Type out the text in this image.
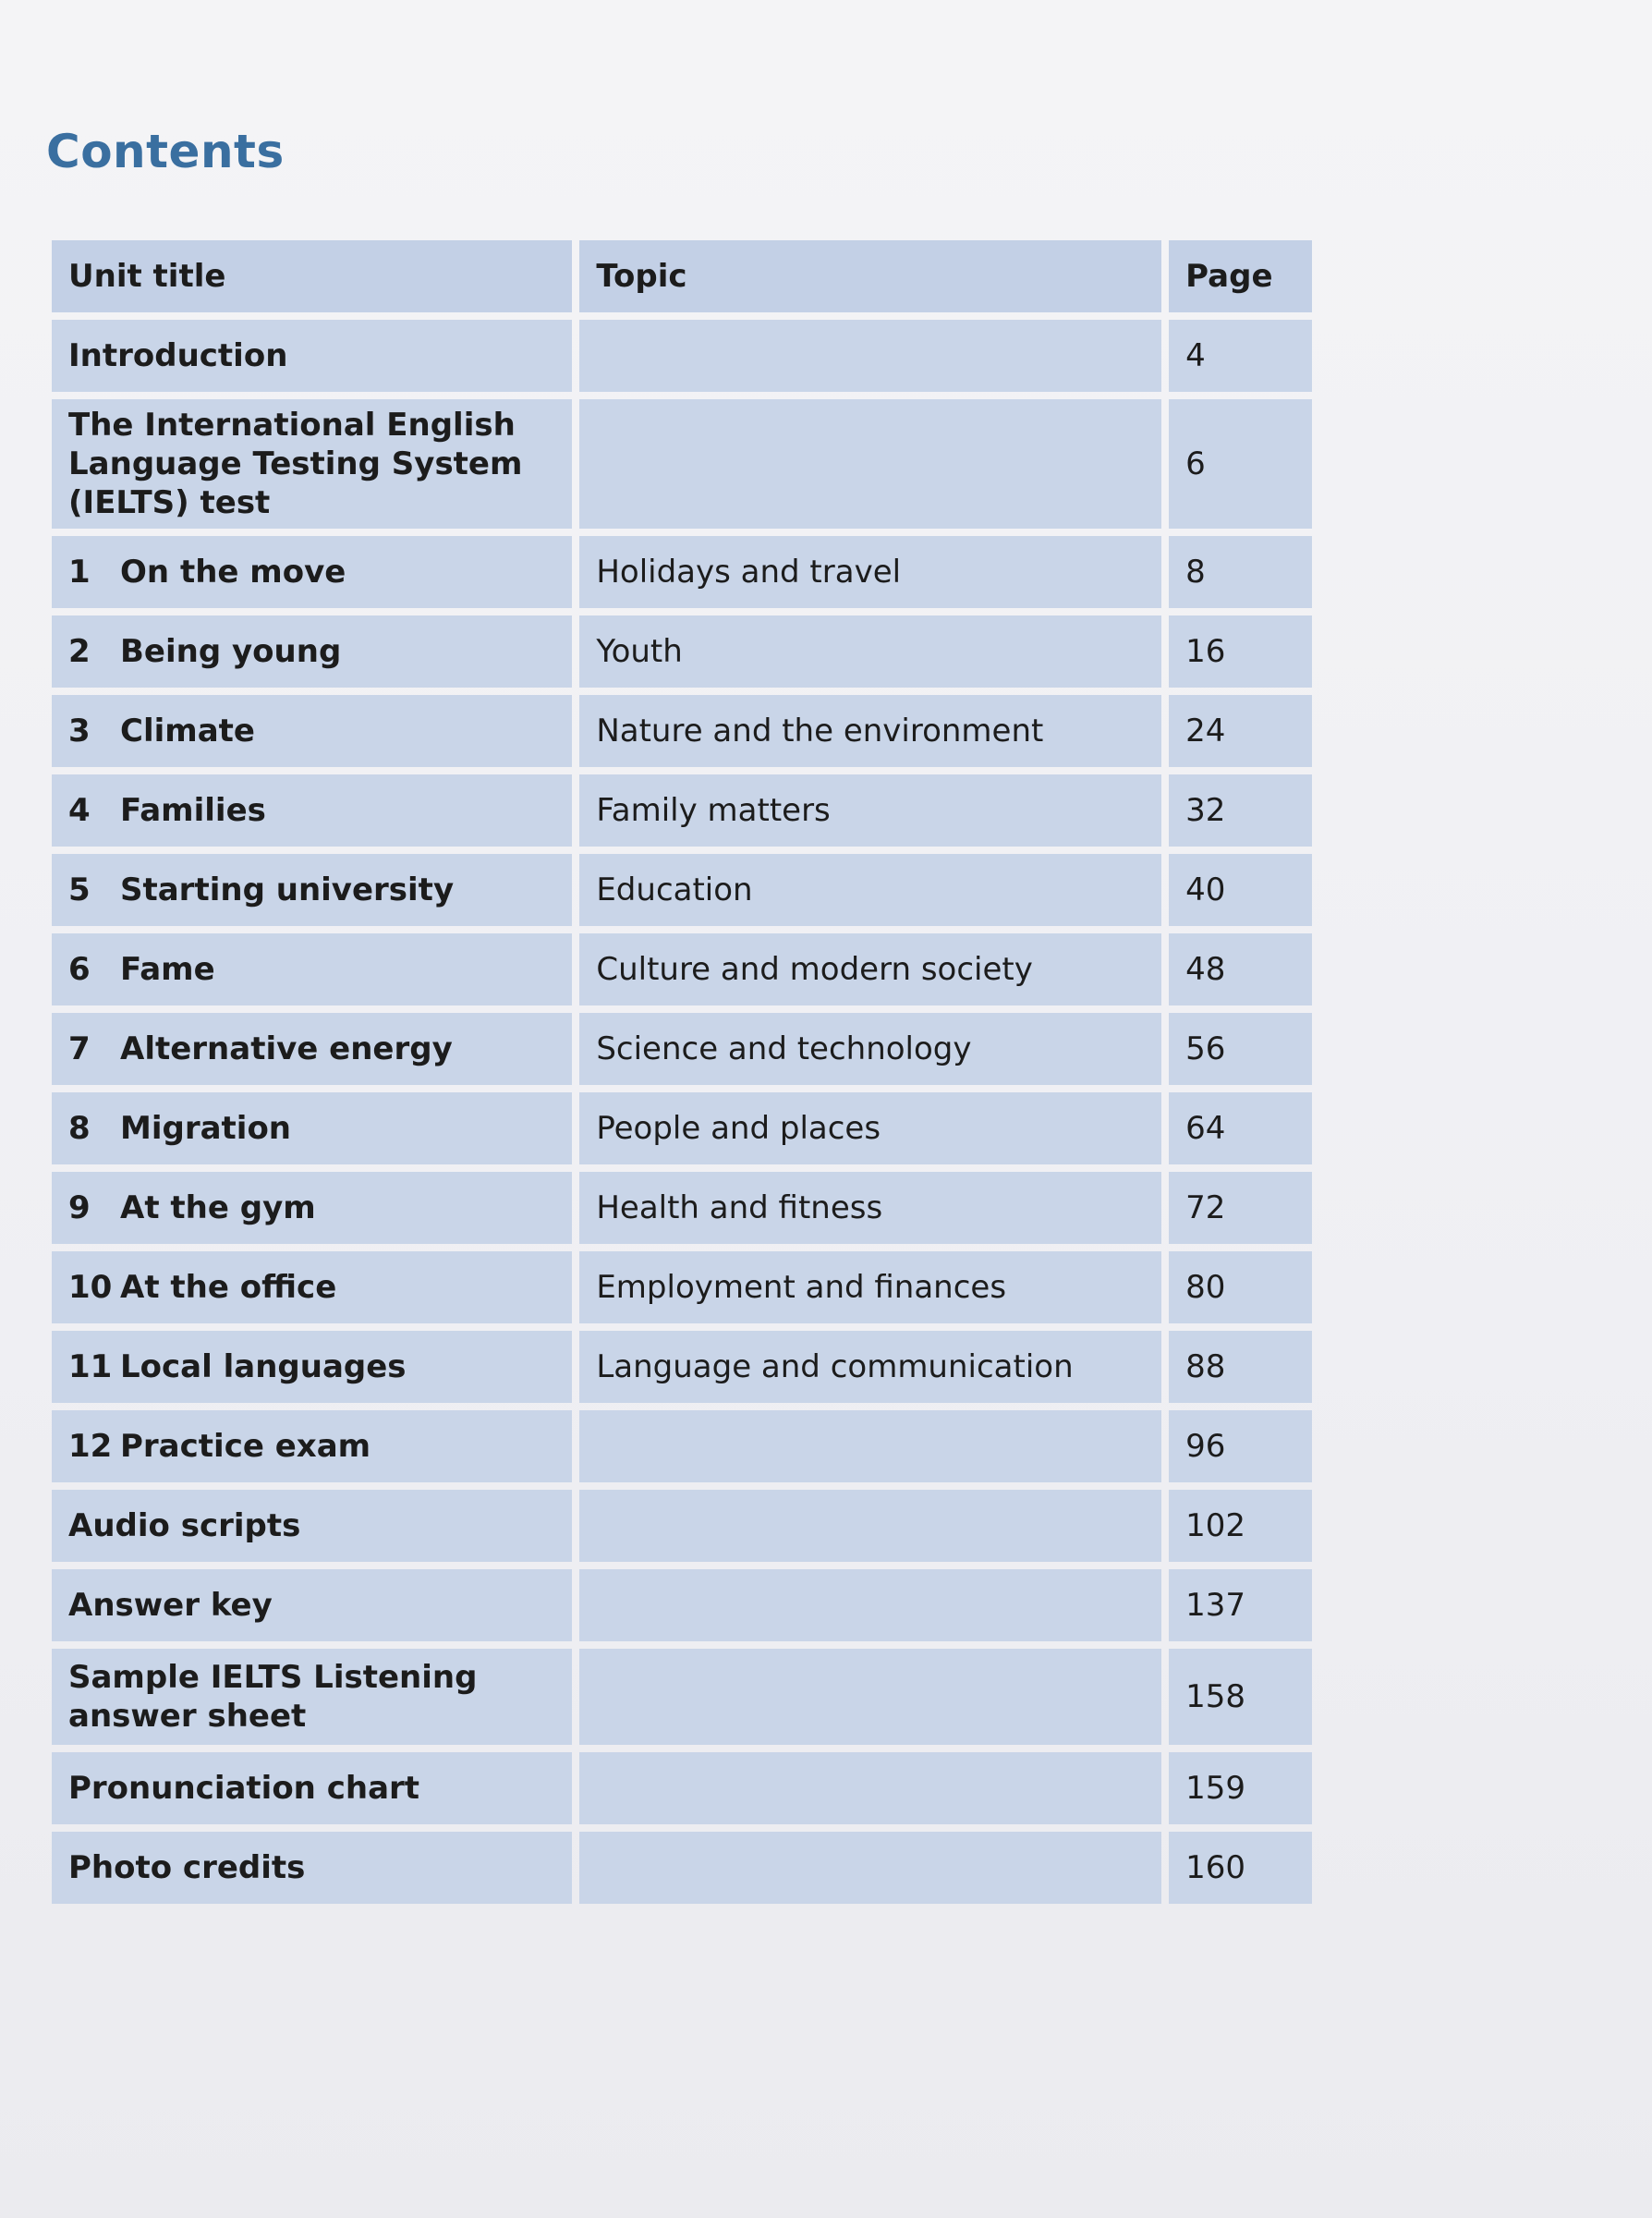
Contents
Unit title	Topic	Page
Introduction		4
The International English Language Testing System (IELTS) test		6
1 On the move	Holidays and travel	8
2 Being young	Youth	16
3 Climate	Nature and the environment	24
4 Families	Family matters	32
5 Starting university	Education	40
6 Fame	Culture and modern society	48
7 Alternative energy	Science and technology	56
8 Migration	People and places	64
9 At the gym	Health and fitness	72
10 At the office	Employment and finances	80
11 Local languages	Language and communication	88
12 Practice exam		96
Audio scripts		102
Answer key		137
Sample IELTS Listening answer sheet		158
Pronunciation chart		159
Photo credits		160
